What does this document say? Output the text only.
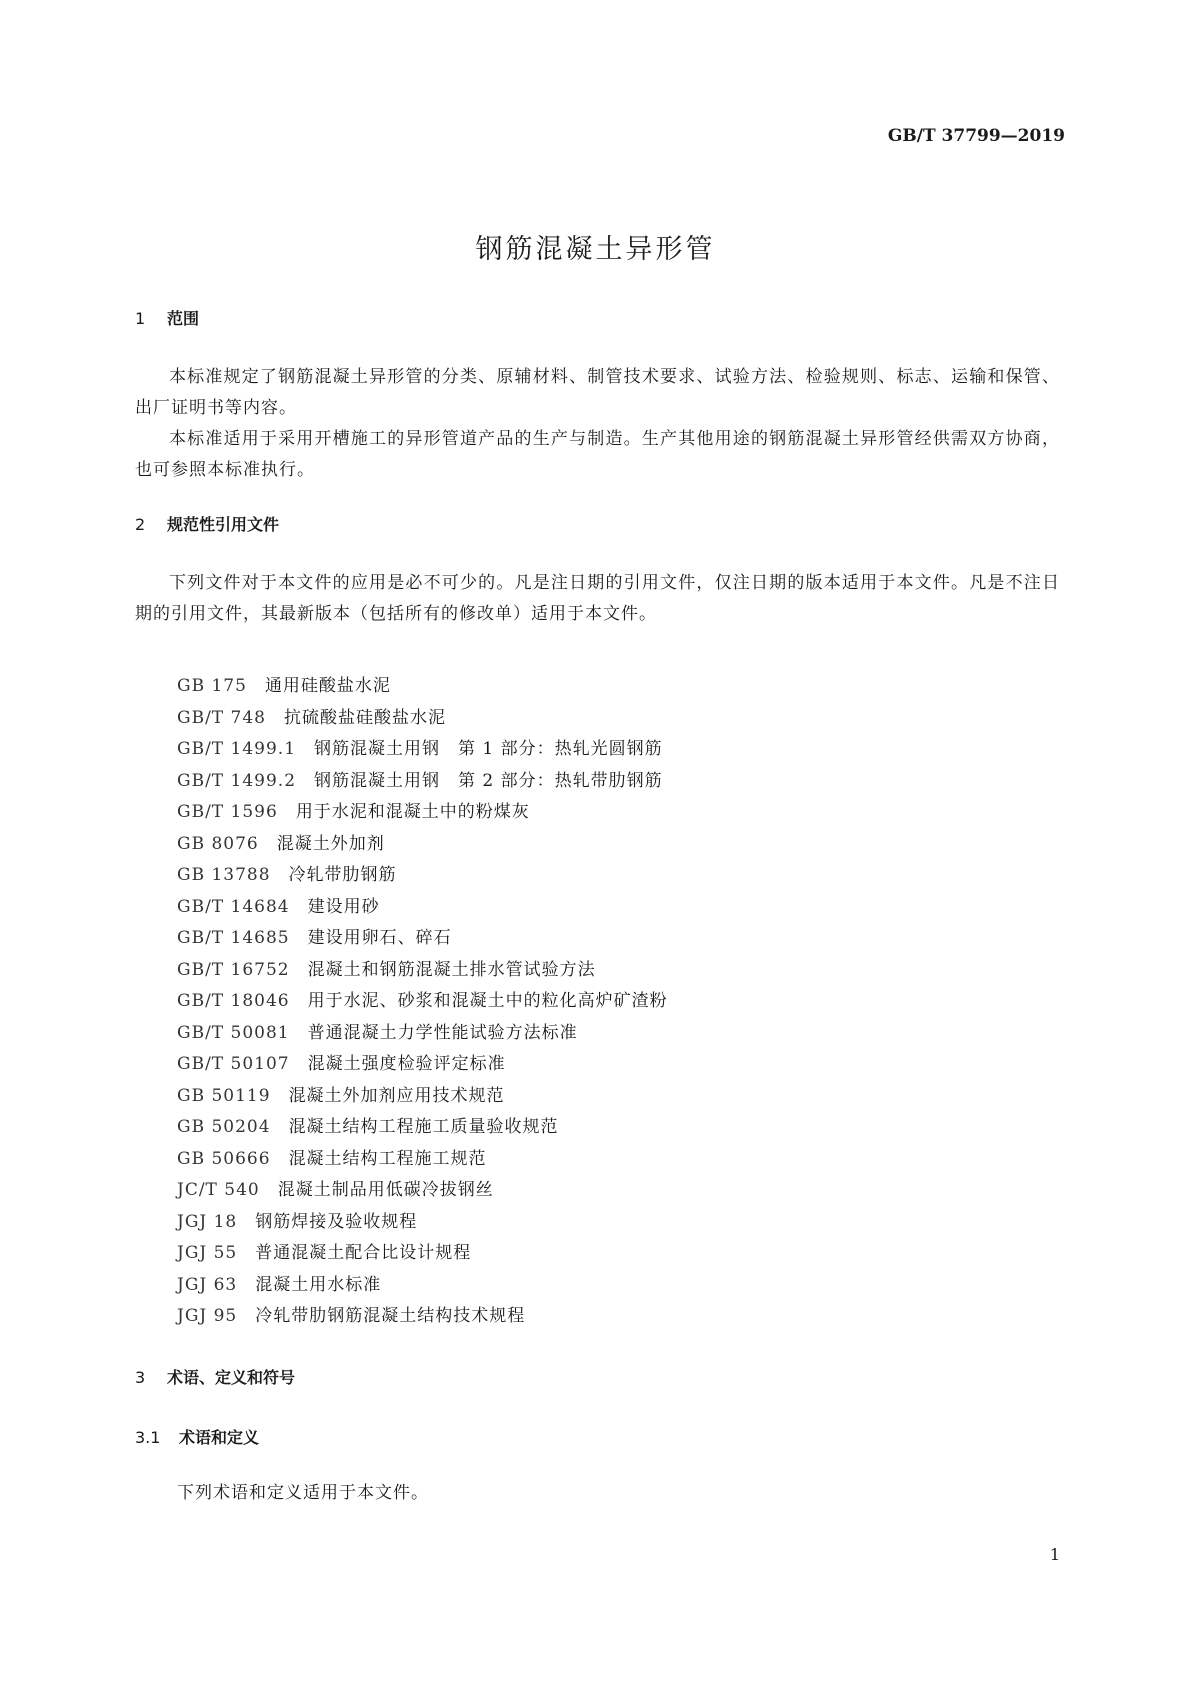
GB/T 37799—2019
钢筋混凝土异形管
1 范围
本标准规定了钢筋混凝土异形管的分类、原辅材料、制管技术要求、试验方法、检验规则、标志、运输和保管、出厂证明书等内容。
本标准适用于采用开槽施工的异形管道产品的生产与制造。生产其他用途的钢筋混凝土异形管经供需双方协商，也可参照本标准执行。
2 规范性引用文件
下列文件对于本文件的应用是必不可少的。凡是注日期的引用文件，仅注日期的版本适用于本文件。凡是不注日期的引用文件，其最新版本（包括所有的修改单）适用于本文件。
GB 175 通用硅酸盐水泥
GB/T 748 抗硫酸盐硅酸盐水泥
GB/T 1499.1 钢筋混凝土用钢　第 1 部分：热轧光圆钢筋
GB/T 1499.2 钢筋混凝土用钢　第 2 部分：热轧带肋钢筋
GB/T 1596 用于水泥和混凝土中的粉煤灰
GB 8076 混凝土外加剂
GB 13788 冷轧带肋钢筋
GB/T 14684 建设用砂
GB/T 14685 建设用卵石、碎石
GB/T 16752 混凝土和钢筋混凝土排水管试验方法
GB/T 18046 用于水泥、砂浆和混凝土中的粒化高炉矿渣粉
GB/T 50081 普通混凝土力学性能试验方法标准
GB/T 50107 混凝土强度检验评定标准
GB 50119 混凝土外加剂应用技术规范
GB 50204 混凝土结构工程施工质量验收规范
GB 50666 混凝土结构工程施工规范
JC/T 540 混凝土制品用低碳冷拔钢丝
JGJ 18 钢筋焊接及验收规程
JGJ 55 普通混凝土配合比设计规程
JGJ 63 混凝土用水标准
JGJ 95 冷轧带肋钢筋混凝土结构技术规程
3 术语、定义和符号
3.1 术语和定义
下列术语和定义适用于本文件。
1
